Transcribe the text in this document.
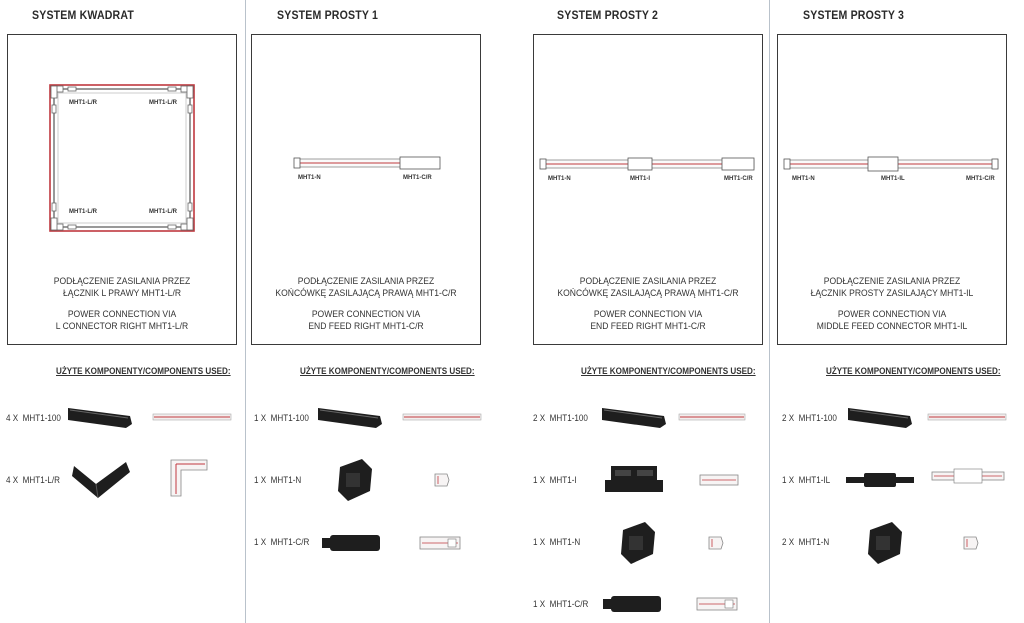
SYSTEM KWADRAT
MHT1-L/R	MHT1-L/R
MHT1-L/R	MHT1-L/R
PODŁĄCZENIE ZASILANIA PRZEZ
ŁĄCZNIK L PRAWY MHT1-L/R
POWER CONNECTION VIA
L CONNECTOR RIGHT MHT1-L/R
UŻYTE KOMPONENTY/COMPONENTS USED:
4 X MHT1-100
4 X MHT1-L/R
SYSTEM PROSTY 1
MHT1-N	MHT1-C/R
PODŁĄCZENIE ZASILANIA PRZEZ
KOŃCÓWKĘ ZASILAJĄCĄ PRAWĄ MHT1-C/R
POWER CONNECTION VIA
END FEED RIGHT MHT1-C/R
UŻYTE KOMPONENTY/COMPONENTS USED:
1 X MHT1-100
1 X MHT1-N
1 X MHT1-C/R
SYSTEM PROSTY 2
MHT1-N	MHT1-I	MHT1-C/R
PODŁĄCZENIE ZASILANIA PRZEZ
KOŃCÓWKĘ ZASILAJĄCĄ PRAWĄ MHT1-C/R
POWER CONNECTION VIA
END FEED RIGHT MHT1-C/R
UŻYTE KOMPONENTY/COMPONENTS USED:
2 X MHT1-100
1 X MHT1-I
1 X MHT1-N
1 X MHT1-C/R
SYSTEM PROSTY 3
MHT1-N	MHT1-IL	MHT1-C/R
PODŁĄCZENIE ZASILANIA PRZEZ
ŁĄCZNIK PROSTY ZASILAJĄCY MHT1-IL
POWER CONNECTION VIA
MIDDLE FEED CONNECTOR MHT1-IL
UŻYTE KOMPONENTY/COMPONENTS USED:
2 X MHT1-100
1 X MHT1-IL
2 X MHT1-N
